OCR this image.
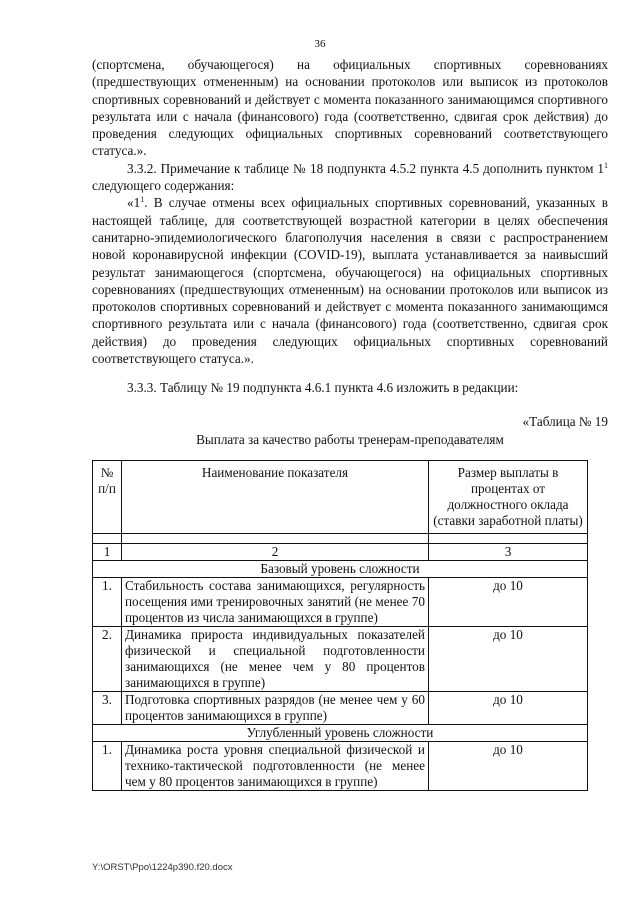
36

(спортсмена, обучающегося) на официальных спортивных соревнованиях (предшествующих отмененным) на основании протоколов или выписок из протоколов спортивных соревнований и действует с момента показанного занимающимся спортивного результата или с начала (финансового) года (соответственно, сдвигая срок действия) до проведения следующих официальных спортивных соревнований соответствующего статуса.».

3.3.2. Примечание к таблице № 18 подпункта 4.5.2 пункта 4.5 дополнить пунктом $1^1$ следующего содержания:

«$1^1$. В случае отмены всех официальных спортивных соревнований, указанных в настоящей таблице, для соответствующей возрастной категории в целях обеспечения санитарно-эпидемиологического благополучия населения в связи с распространением новой коронавирусной инфекции (COVID-19), выплата устанавливается за наивысший результат занимающегося (спортсмена, обучающегося) на официальных спортивных соревнованиях (предшествующих отмененным) на основании протоколов или выписок из протоколов спортивных соревнований и действует с момента показанного занимающимся спортивного результата или с начала (финансового) года (соответственно, сдвигая срок действия) до проведения следующих официальных спортивных соревнований соответствующего статуса.».

3.3.3. Таблицу № 19 подпункта 4.6.1 пункта 4.6 изложить в редакции:

«Таблица № 19

Выплата за качество работы тренерам-преподавателям

№ п/п	Наименование показателя	Размер выплаты в процентах от должностного оклада (ставки заработной платы)

1	2	3
Базовый уровень сложности		
1.	Стабильность состава занимающихся, регулярность посещения ими тренировочных занятий (не менее 70 процентов из числа занимающихся в группе)	до 10
2.	Динамика прироста индивидуальных показателей физической и специальной подготовленности занимающихся (не менее чем у 80 процентов занимающихся в группе)	до 10
3.	Подготовка спортивных разрядов (не менее чем у 60 процентов занимающихся в группе)	до 10
Углубленный уровень сложности		
1.	Динамика роста уровня специальной физической и технико-тактической подготовленности (не менее чем у 80 процентов занимающихся в группе)	до 10
Y:\ORST\Ppo\1224p390.f20.docx
